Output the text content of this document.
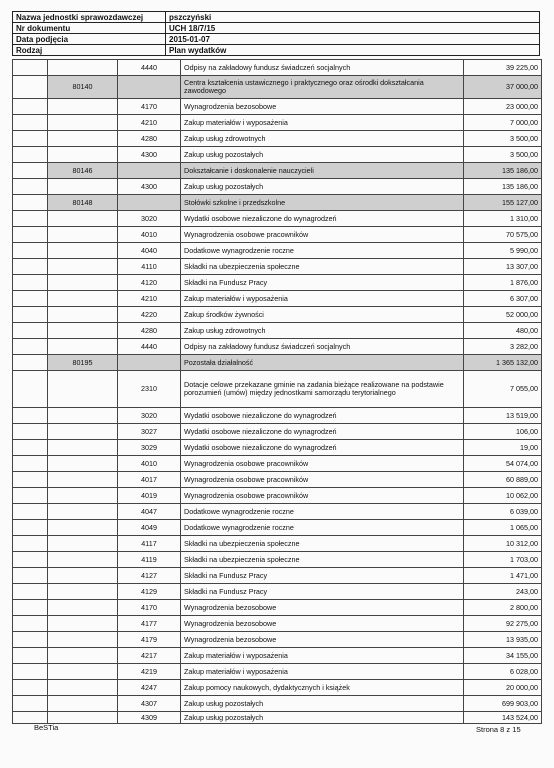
Nazwa jednostki sprawozdawczej	pszczyński
Nr dokumentu	UCH 18/7/15
Data podjęcia	2015-01-07
Rodzaj	Plan wydatków
		4440	Odpisy na zakładowy fundusz świadczeń socjalnych	39 225,00
	80140		Centra kształcenia ustawicznego i praktycznego oraz ośrodki dokształcania zawodowego	37 000,00
		4170	Wynagrodzenia bezosobowe	23 000,00
		4210	Zakup materiałów i wyposażenia	7 000,00
		4280	Zakup usług zdrowotnych	3 500,00
		4300	Zakup usług pozostałych	3 500,00
	80146		Dokształcanie i doskonalenie nauczycieli	135 186,00
		4300	Zakup usług pozostałych	135 186,00
	80148		Stołówki szkolne i przedszkolne	155 127,00
		3020	Wydatki osobowe niezaliczone do wynagrodzeń	1 310,00
		4010	Wynagrodzenia osobowe pracowników	70 575,00
		4040	Dodatkowe wynagrodzenie roczne	5 990,00
		4110	Składki na ubezpieczenia społeczne	13 307,00
		4120	Składki na Fundusz Pracy	1 876,00
		4210	Zakup materiałów i wyposażenia	6 307,00
		4220	Zakup środków żywności	52 000,00
		4280	Zakup usług zdrowotnych	480,00
		4440	Odpisy na zakładowy fundusz świadczeń socjalnych	3 282,00
	80195		Pozostała działalność	1 365 132,00
		2310	Dotacje celowe przekazane gminie na zadania bieżące realizowane na podstawie porozumień (umów) między jednostkami samorządu terytorialnego	7 055,00
		3020	Wydatki osobowe niezaliczone do wynagrodzeń	13 519,00
		3027	Wydatki osobowe niezaliczone do wynagrodzeń	106,00
		3029	Wydatki osobowe niezaliczone do wynagrodzeń	19,00
		4010	Wynagrodzenia osobowe pracowników	54 074,00
		4017	Wynagrodzenia osobowe pracowników	60 889,00
		4019	Wynagrodzenia osobowe pracowników	10 062,00
		4047	Dodatkowe wynagrodzenie roczne	6 039,00
		4049	Dodatkowe wynagrodzenie roczne	1 065,00
		4117	Składki na ubezpieczenia społeczne	10 312,00
		4119	Składki na ubezpieczenia społeczne	1 703,00
		4127	Składki na Fundusz Pracy	1 471,00
		4129	Składki na Fundusz Pracy	243,00
		4170	Wynagrodzenia bezosobowe	2 800,00
		4177	Wynagrodzenia bezosobowe	92 275,00
		4179	Wynagrodzenia bezosobowe	13 935,00
		4217	Zakup materiałów i wyposażenia	34 155,00
		4219	Zakup materiałów i wyposażenia	6 028,00
		4247	Zakup pomocy naukowych, dydaktycznych i książek	20 000,00
		4307	Zakup usług pozostałych	699 903,00
		4309	Zakup usług pozostałych	143 524,00
BeSTia	Strona 8 z 15
